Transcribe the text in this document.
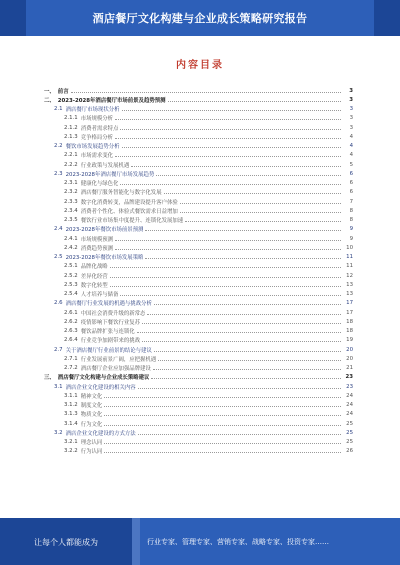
酒店餐厅文化构建与企业成长策略研究报告
内容目录
一、 前言	3
二、 2023-2028年酒店餐厅市场前景及趋势预测	3
2.1 酒店餐厅市场现状分析	3
2.1.1 市场规模分析	3
2.1.2 消费者需求特点	3
2.1.3 竞争格局分析	4
2.2 餐饮市场发展趋势分析	4
2.2.1 市场需求变化	4
2.2.2 行业政策与发展机遇	5
2.3 2023-2028年酒店餐厅市场发展趋势	6
2.3.1 健康化与绿色化	6
2.3.2 酒店餐厅服务智能化与数字化发展	6
2.3.3 数字化消费转变，品牌建设提升客户体验	7
2.3.4 消费者个性化、体验式餐饮需求日益增加	8
2.3.5 餐饮行业市场集中度提升、连锁化发展加速	8
2.4 2023-2028年餐饮市场前景预测	9
2.4.1 市场规模预测	9
2.4.2 消费趋势预测	10
2.5 2023-2028年餐饮市场发展策略	11
2.5.1 品牌化战略	11
2.5.2 差异化经营	12
2.5.3 数字化转型	13
2.5.4 人才培养与储备	13
2.6 酒店餐厅行业发展的机遇与挑战分析	17
2.6.1 中国社会消费升级的新常态	17
2.6.2 疫情影响下餐饮行业复苏	18
2.6.3 餐饮品牌扩张与连锁化	18
2.6.4 行业竞争加剧带来的挑战	19
2.7 关于酒店餐厅行业前景的结论与建议	20
2.7.1 行业发展前景广阔，应把握机遇	20
2.7.2 酒店餐厅企业应加强品牌建设	21
三、 酒店餐厅文化构建与企业成长策略建议	23
3.1 酒店企业文化建设的相关内容	23
3.1.1 精神文化	24
3.1.2 制度文化	24
3.1.3 物质文化	24
3.1.4 行为文化	25
3.2 酒店企业文化建设的方式方法	25
3.2.1 理念认同	25
3.2.2 行为认同	26
让每个人都能成为	行业专家、管理专家、营销专家、战略专家、投资专家……
